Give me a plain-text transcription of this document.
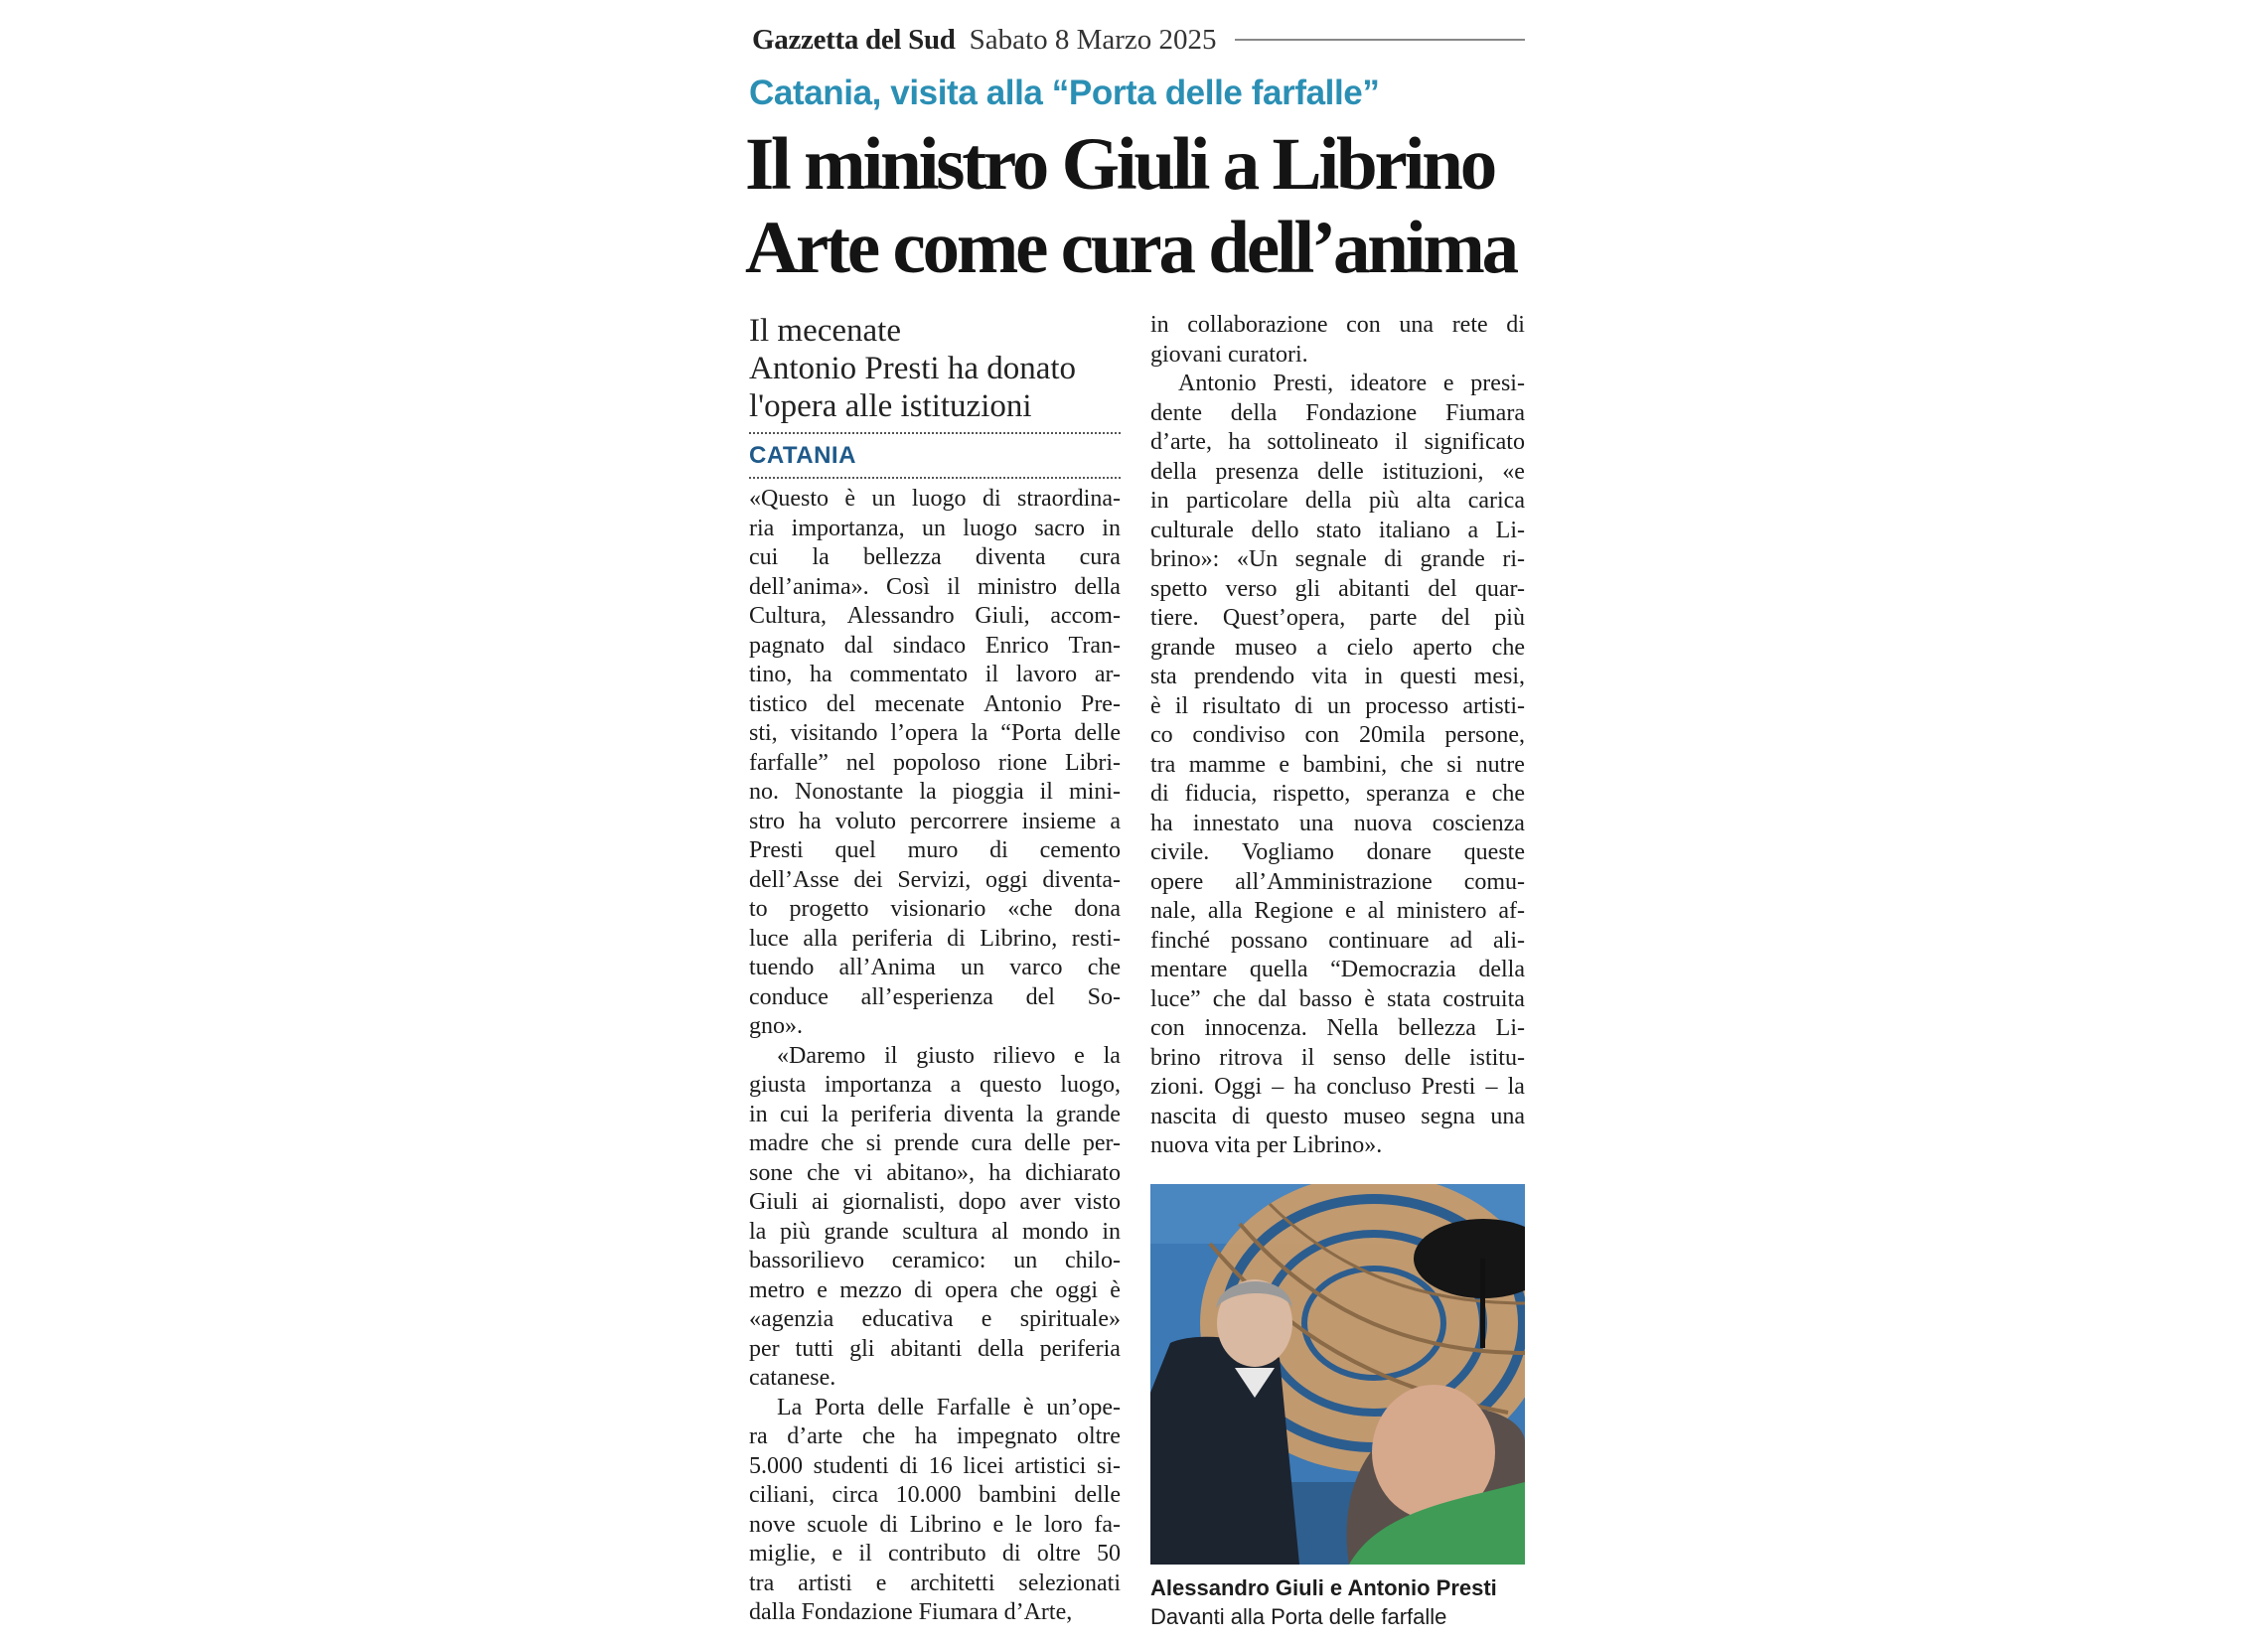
Gazzetta del Sud Sabato 8 Marzo 2025
Catania, visita alla “Porta delle farfalle”
Il ministro Giuli a Librino
Arte come cura dell’anima
Il mecenate
Antonio Presti ha donato
l'opera alle istituzioni
CATANIA
«Questo è un luogo di straordina-
ria importanza, un luogo sacro in
cui la bellezza diventa cura
dell’anima». Così il ministro della
Cultura, Alessandro Giuli, accom-
pagnato dal sindaco Enrico Tran-
tino, ha commentato il lavoro ar-
tistico del mecenate Antonio Pre-
sti, visitando l’opera la “Porta delle
farfalle” nel popoloso rione Libri-
no. Nonostante la pioggia il mini-
stro ha voluto percorrere insieme a
Presti quel muro di cemento
dell’Asse dei Servizi, oggi diventa-
to progetto visionario «che dona
luce alla periferia di Librino, resti-
tuendo all’Anima un varco che
conduce all’esperienza del So-
gno».
«Daremo il giusto rilievo e la
giusta importanza a questo luogo,
in cui la periferia diventa la grande
madre che si prende cura delle per-
sone che vi abitano», ha dichiarato
Giuli ai giornalisti, dopo aver visto
la più grande scultura al mondo in
bassorilievo ceramico: un chilo-
metro e mezzo di opera che oggi è
«agenzia educativa e spirituale»
per tutti gli abitanti della periferia
catanese.
La Porta delle Farfalle è un’ope-
ra d’arte che ha impegnato oltre
5.000 studenti di 16 licei artistici si-
ciliani, circa 10.000 bambini delle
nove scuole di Librino e le loro fa-
miglie, e il contributo di oltre 50
tra artisti e architetti selezionati
dalla Fondazione Fiumara d’Arte,
in collaborazione con una rete di
giovani curatori.
Antonio Presti, ideatore e presi-
dente della Fondazione Fiumara
d’arte, ha sottolineato il significato
della presenza delle istituzioni, «e
in particolare della più alta carica
culturale dello stato italiano a Li-
brino»: «Un segnale di grande ri-
spetto verso gli abitanti del quar-
tiere. Quest’opera, parte del più
grande museo a cielo aperto che
sta prendendo vita in questi mesi,
è il risultato di un processo artisti-
co condiviso con 20mila persone,
tra mamme e bambini, che si nutre
di fiducia, rispetto, speranza e che
ha innestato una nuova coscienza
civile. Vogliamo donare queste
opere all’Amministrazione comu-
nale, alla Regione e al ministero af-
finché possano continuare ad ali-
mentare quella “Democrazia della
luce” che dal basso è stata costruita
con innocenza. Nella bellezza Li-
brino ritrova il senso delle istitu-
zioni. Oggi – ha concluso Presti – la
nascita di questo museo segna una
nuova vita per Librino».
Alessandro Giuli e Antonio Presti
Davanti alla Porta delle farfalle
